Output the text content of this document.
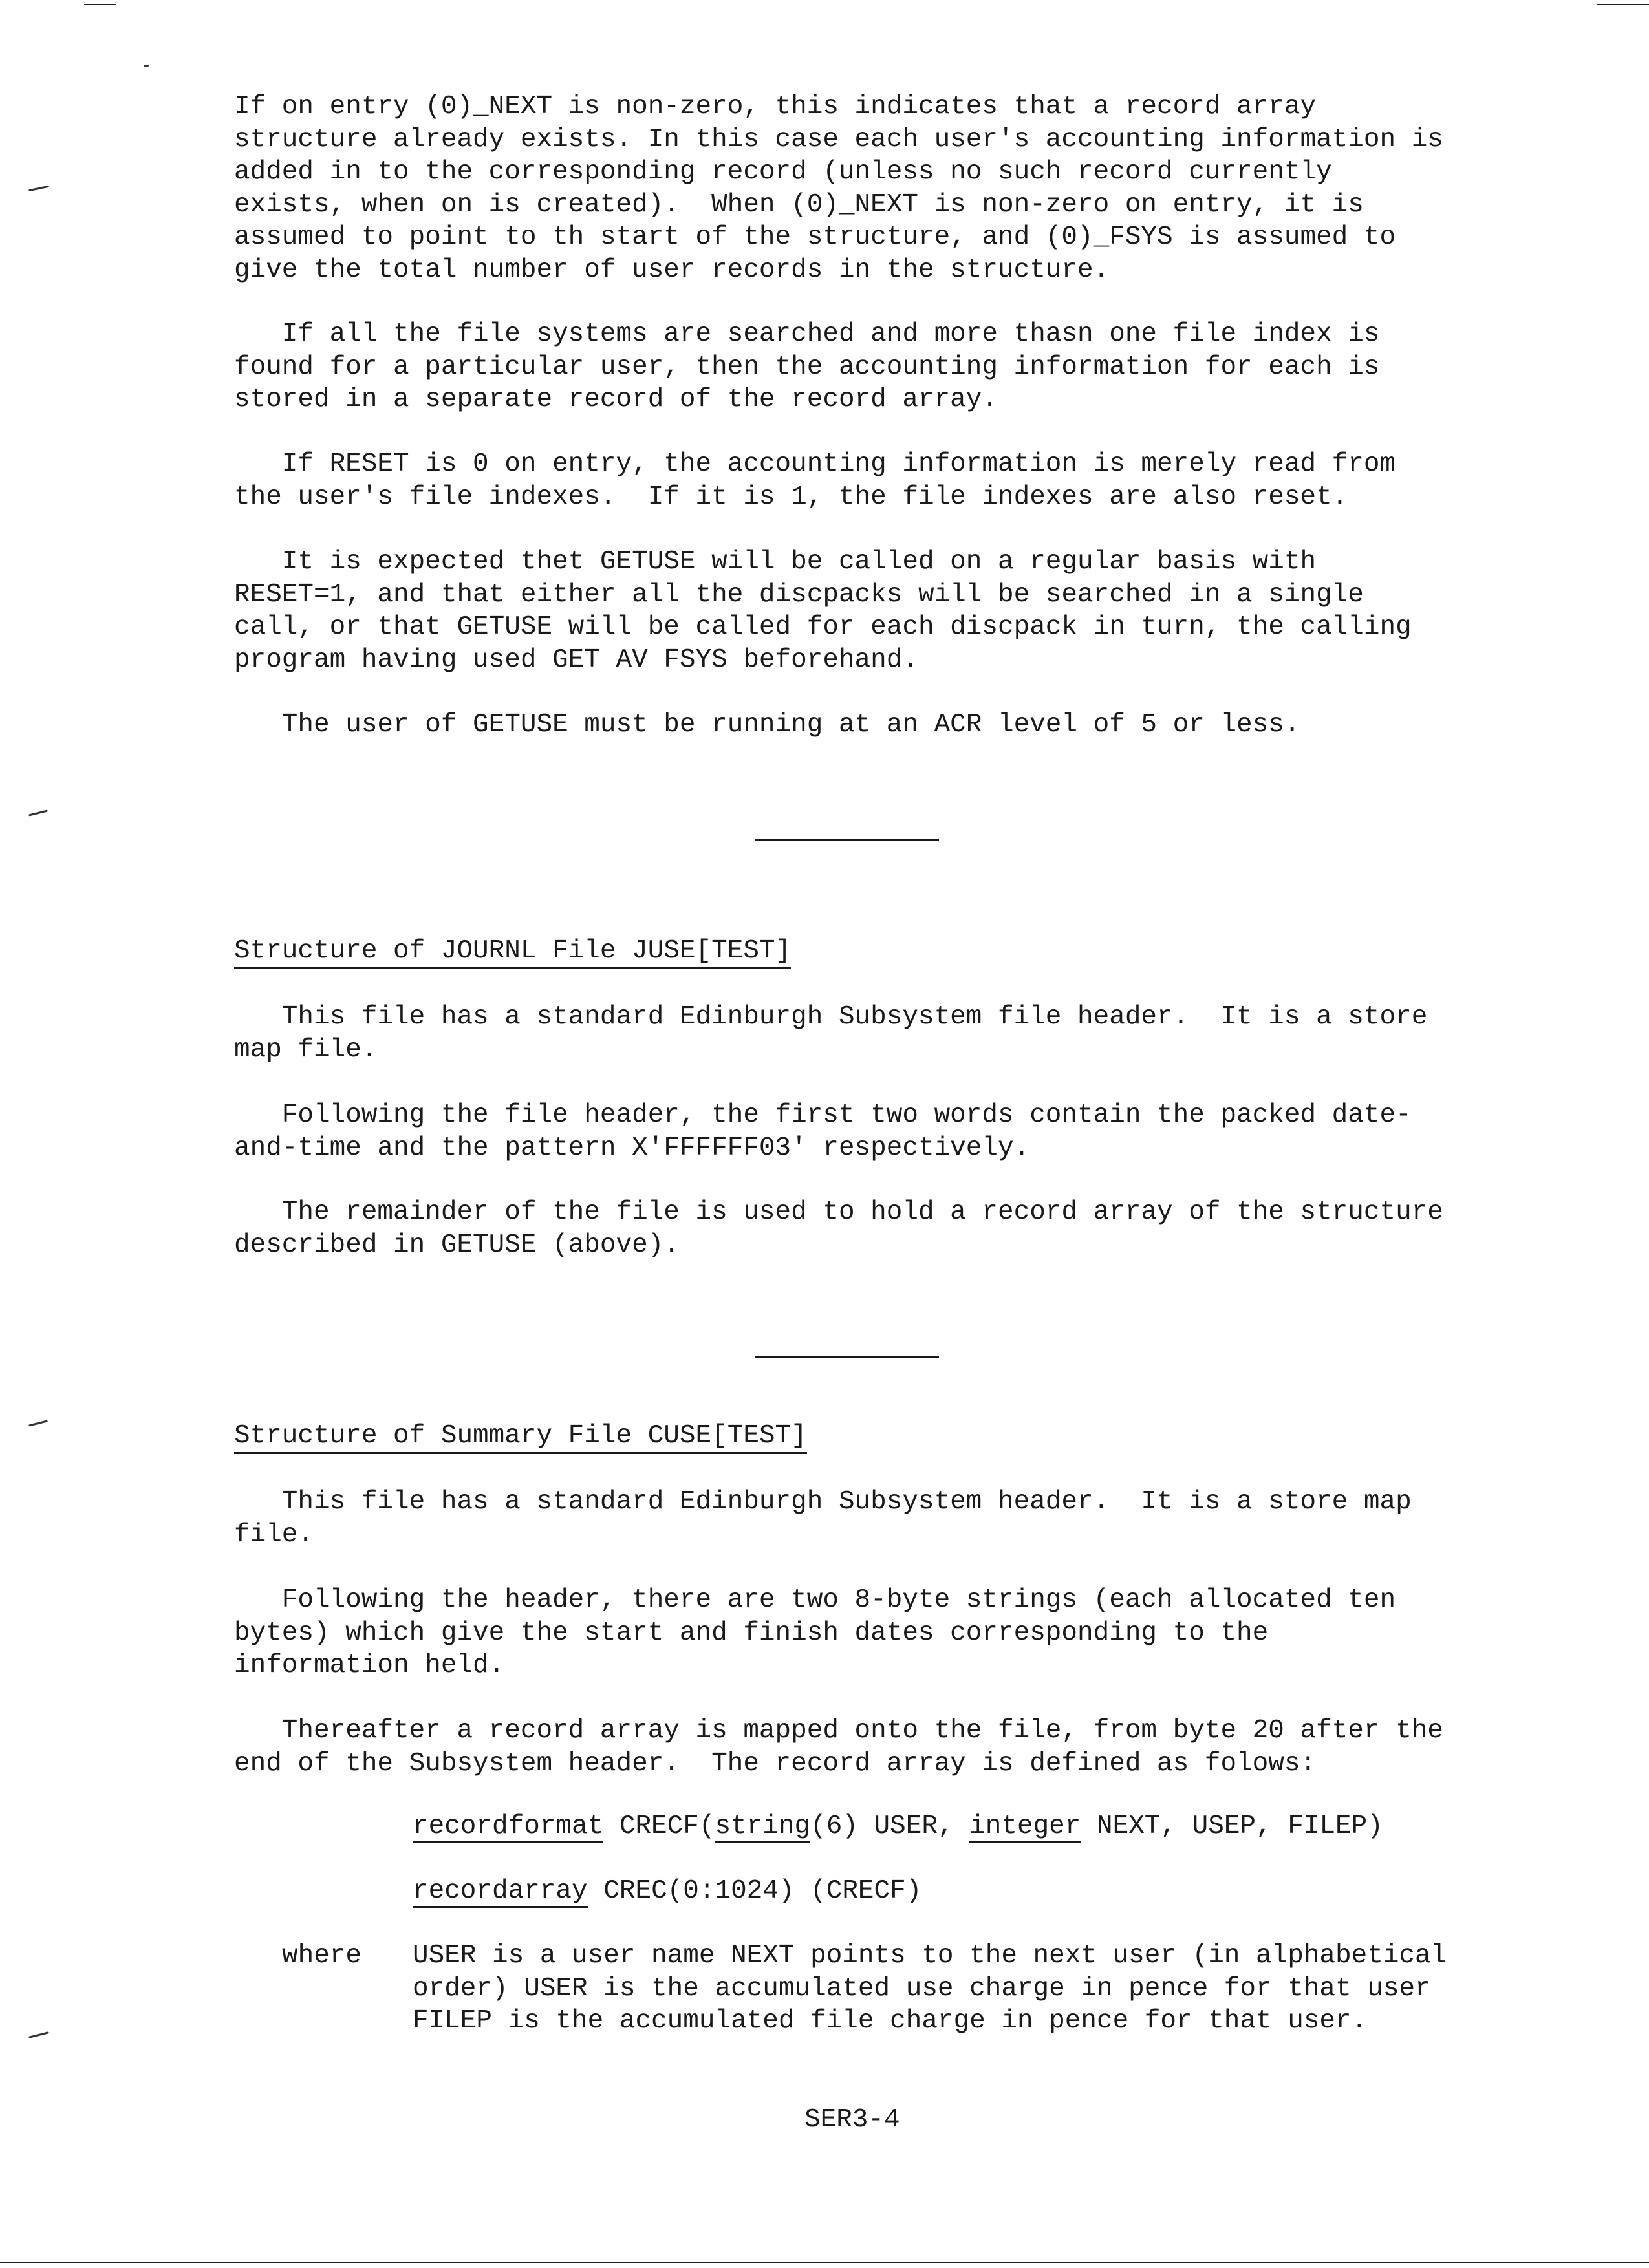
If on entry (0)_NEXT is non-zero, this indicates that a record array
structure already exists. In this case each user's accounting information is
added in to the corresponding record (unless no such record currently
exists, when on is created).  When (0)_NEXT is non-zero on entry, it is
assumed to point to th start of the structure, and (0)_FSYS is assumed to
give the total number of user records in the structure.

If all the file systems are searched and more thasn one file index is
found for a particular user, then the accounting information for each is
stored in a separate record of the record array.

If RESET is 0 on entry, the accounting information is merely read from
the user's file indexes.  If it is 1, the file indexes are also reset.

It is expected thet GETUSE will be called on a regular basis with
RESET=1, and that either all the discpacks will be searched in a single
call, or that GETUSE will be called for each discpack in turn, the calling
program having used GET AV FSYS beforehand.

The user of GETUSE must be running at an ACR level of 5 or less.

Structure of JOURNL File JUSE[TEST]

This file has a standard Edinburgh Subsystem file header.  It is a store
map file.

Following the file header, the first two words contain the packed date-
and-time and the pattern X'FFFFFF03' respectively.

The remainder of the file is used to hold a record array of the structure
described in GETUSE (above).

Structure of Summary File CUSE[TEST]

This file has a standard Edinburgh Subsystem header.  It is a store map
file.

Following the header, there are two 8-byte strings (each allocated ten
bytes) which give the start and finish dates corresponding to the
information held.

Thereafter a record array is mapped onto the file, from byte 20 after the
end of the Subsystem header.  The record array is defined as folows:

recordformat CRECF(string(6) USER, integer NEXT, USEP, FILEP)
recordarray CREC(0:1024) (CRECF)

where USER is a user name NEXT points to the next user (in alphabetical
order) USER is the accumulated use charge in pence for that user
FILEP is the accumulated file charge in pence for that user.

SER3-4
